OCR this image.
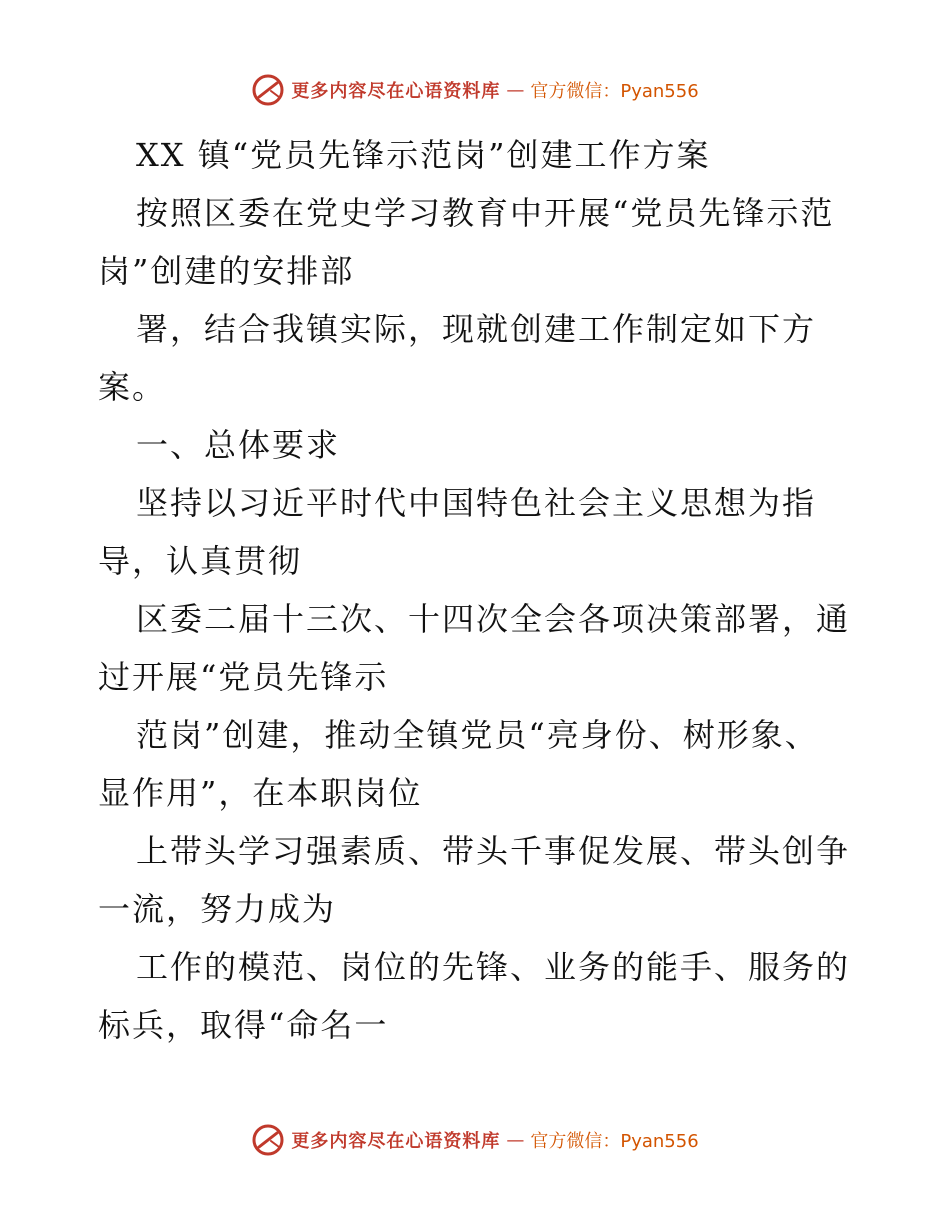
更多内容尽在心语资料库 — 官方微信：Pyan556
XX 镇“党员先锋示范岗”创建工作方案
按照区委在党史学习教育中开展“党员先锋示范
岗”创建的安排部
署，结合我镇实际，现就创建工作制定如下方
案。
一、总体要求
坚持以习近平时代中国特色社会主义思想为指
导，认真贯彻
区委二届十三次、十四次全会各项决策部署，通
过开展“党员先锋示
范岗”创建，推动全镇党员“亮身份、树形象、
显作用”，在本职岗位
上带头学习强素质、带头千事促发展、带头创争
一流，努力成为
工作的模范、岗位的先锋、业务的能手、服务的
标兵，取得“命名一
更多内容尽在心语资料库 — 官方微信：Pyan556
